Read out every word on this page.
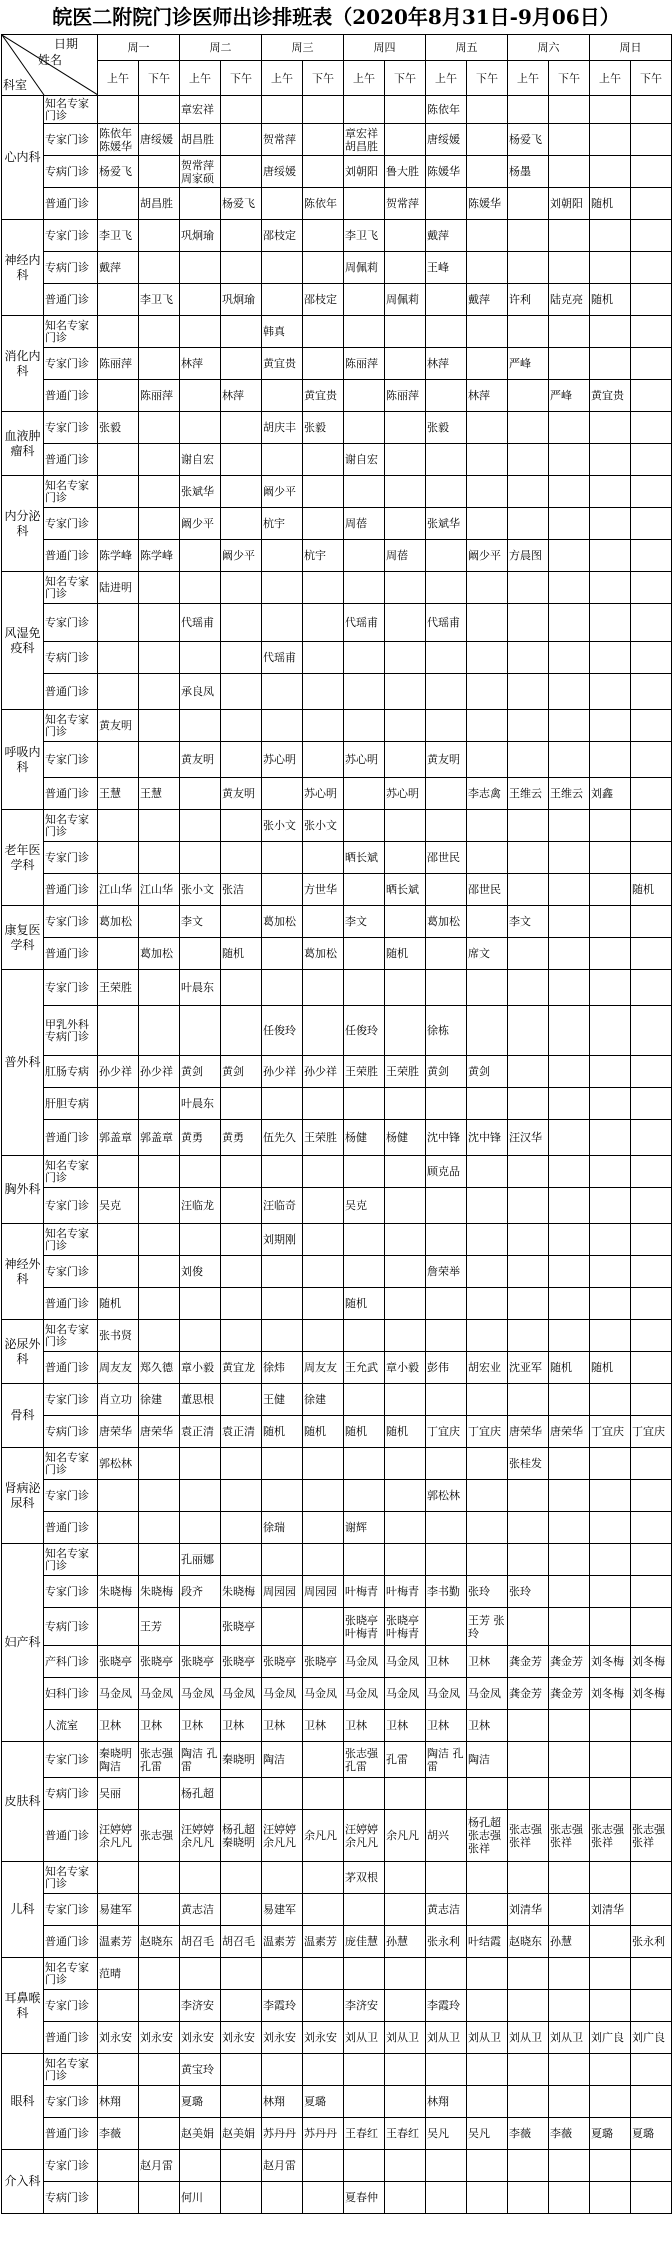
皖医二附院门诊医师出诊排班表（2020年8月31日-9月06日）
日期
姓名
科室		周一		周二		周三		周四		周五		周六		周日	
		上午	下午	上午	下午	上午	下午	上午	下午	上午	下午	上午	下午	上午	下午
心内科	知名专家门诊			章宏祥						陈依年					
	专家门诊	陈依年 陈媛华	唐绥媛	胡昌胜		贺常萍		章宏祥 胡昌胜		唐绥媛		杨爱飞			
	专病门诊	杨爱飞		贺常萍 周家硕		唐绥媛		刘朝阳	鲁大胜	陈媛华		杨墨			
	普通门诊		胡昌胜		杨爱飞		陈依年		贺常萍		陈媛华		刘朝阳	随机	
神经内科	专家门诊	李卫飞		巩炯瑜		邵枝定		李卫飞		戴萍					
	专病门诊	戴萍						周佩莉		王峰					
	普通门诊		李卫飞		巩炯瑜		邵枝定		周佩莉		戴萍	许利	陆克亮	随机	
消化内科	知名专家门诊					韩真									
	专家门诊	陈丽萍		林萍		黄宜贵		陈丽萍		林萍		严峰			
	普通门诊		陈丽萍		林萍		黄宜贵		陈丽萍		林萍		严峰	黄宜贵	
血液肿瘤科	专家门诊	张毅				胡庆丰	张毅			张毅					
	普通门诊			谢自宏				谢自宏							
内分泌科	知名专家门诊			张斌华		阚少平									
	专家门诊			阚少平		杭宇		周蓓		张斌华					
	普通门诊	陈学峰	陈学峰		阚少平		杭宇		周蓓		阚少平	方晨图			
风湿免疫科	知名专家门诊	陆进明													
	专家门诊			代瑶甫				代瑶甫		代瑶甫					
	专病门诊					代瑶甫									
	普通门诊			承良凤											
呼吸内科	知名专家门诊	黄友明													
	专家门诊			黄友明		苏心明		苏心明		黄友明					
	普通门诊	王慧	王慧		黄友明		苏心明		苏心明		李志禽	王维云	王维云	刘鑫	
老年医学科	知名专家门诊					张小文	张小文								
	专家门诊							晒长斌		邵世民					
	普通门诊	江山华	江山华	张小文	张洁		方世华		晒长斌		邵世民				随机
康复医学科	专家门诊	葛加松		李文		葛加松		李文		葛加松		李文			
	普通门诊		葛加松		随机		葛加松		随机		席文				
普外科	专家门诊	王荣胜		叶晨东											
	甲乳外科专病门诊					任俊玲		任俊玲		徐栋					
	肛肠专病	孙少祥	孙少祥	黄剑	黄剑	孙少祥	孙少祥	王荣胜	王荣胜	黄剑	黄剑				
	肝胆专病			叶晨东											
	普通门诊	郭盖章	郭盖章	黄勇	黄勇	伍先久	王荣胜	杨健	杨健	沈中锋	沈中锋	汪汉华			
胸外科	知名专家门诊									顾克品					
	专家门诊	吴克		汪临龙		汪临奇		吴克							
神经外科	知名专家门诊					刘期刚									
	专家门诊			刘俊						詹荣举					
	普通门诊	随机						随机							
泌尿外科	知名专家门诊	张书贤													
	普通门诊	周友友	郑久德	章小毅	黄宜龙	徐炜	周友友	王允武	章小毅	彭伟	胡宏业	沈亚军	随机	随机	
骨科	专家门诊	肖立功	徐建	董思根		王健	徐建								
	专病门诊	唐荣华	唐荣华	袁正清	袁正清	随机	随机	随机	随机	丁宜庆	丁宜庆	唐荣华	唐荣华	丁宜庆	丁宜庆
肾病泌尿科	知名专家门诊	郭松林										张桂发			
	专家门诊									郭松林					
	普通门诊					徐瑞		谢辉							
妇产科	知名专家门诊			孔丽娜											
	专家门诊	朱晓梅	朱晓梅	段齐	朱晓梅	周园园	周园园	叶梅青	叶梅青	李书勤	张玲	张玲			
	专病门诊		王芳		张晓亭			张晓亭 叶梅青	张晓亭 叶梅青		王芳 张玲				
	产科门诊	张晓亭	张晓亭	张晓亭	张晓亭	张晓亭	张晓亭	马金凤	马金凤	卫林	卫林	龚金芳	龚金芳	刘冬梅	刘冬梅
	妇科门诊	马金凤	马金凤	马金凤	马金凤	马金凤	马金凤	马金凤	马金凤	马金凤	马金凤	龚金芳	龚金芳	刘冬梅	刘冬梅
	人流室	卫林	卫林	卫林	卫林	卫林	卫林	卫林	卫林	卫林	卫林				
皮肤科	专家门诊	秦晓明 陶洁	张志强 孔雷	陶洁 孔雷	秦晓明	陶洁		张志强 孔雷	孔雷	陶洁 孔雷	陶洁				
	专病门诊	吴丽		杨孔超											
	普通门诊	汪婷婷 余凡凡	张志强	汪婷婷 余凡凡	杨孔超 秦晓明	汪婷婷 余凡凡	余凡凡	汪婷婷 余凡凡	余凡凡	胡兴	杨孔超 张志强 张祥	张志强 张祥	张志强 张祥	张志强 张祥	张志强 张祥
儿科	知名专家门诊							茅双根							
	专家门诊	易建军		黄志洁		易建军				黄志洁		刘清华		刘清华	
	普通门诊	温素芳	赵晓东	胡召毛	胡召毛	温素芳	温素芳	庞佳慧	孙慧	张永利	叶结霞	赵晓东	孙慧		张永利
耳鼻喉科	知名专家门诊	范晴													
	专家门诊			李济安		李霞玲		李济安		李霞玲					
	普通门诊	刘永安	刘永安	刘永安	刘永安	刘永安	刘永安	刘从卫	刘从卫	刘从卫	刘从卫	刘从卫	刘从卫	刘广良	刘广良
眼科	知名专家门诊			黄宝玲											
	专家门诊	林翔		夏璐		林翔	夏璐			林翔					
	普通门诊	李薇		赵美娟	赵美娟	苏丹丹	苏丹丹	王春红	王春红	吴凡	吴凡	李薇	李薇	夏璐	夏璐
介入科	专家门诊		赵月雷			赵月雷									
	专病门诊			何川				夏春仲							
